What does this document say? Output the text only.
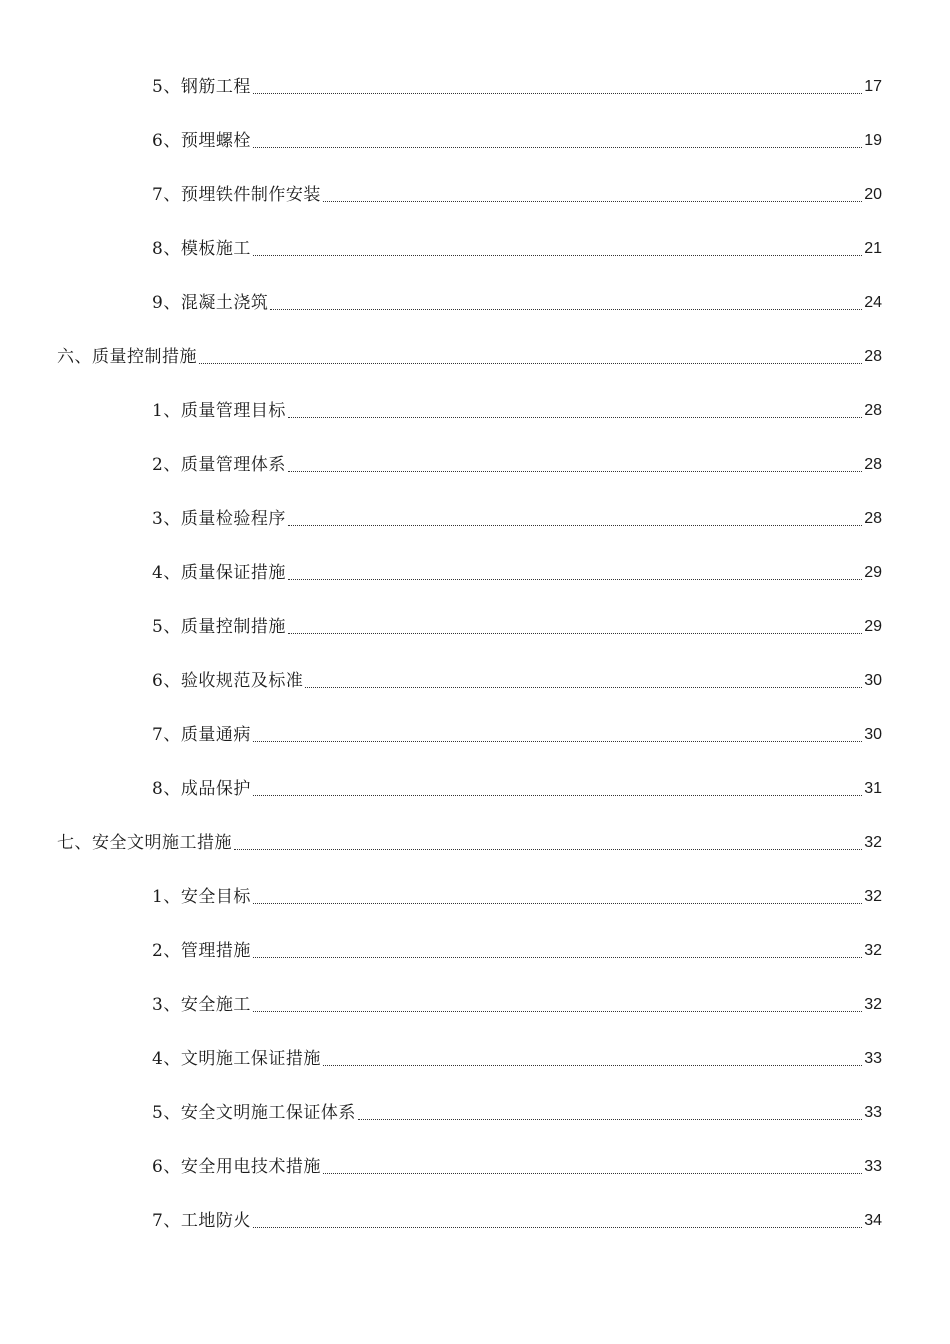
5、钢筋工程	17
6、预埋螺栓	19
7、预埋铁件制作安装	20
8、模板施工	21
9、混凝土浇筑	24
六、质量控制措施	28
1、质量管理目标	28
2、质量管理体系	28
3、质量检验程序	28
4、质量保证措施	29
5、质量控制措施	29
6、验收规范及标准	30
7、质量通病	30
8、成品保护	31
七、安全文明施工措施	32
1、安全目标	32
2、管理措施	32
3、安全施工	32
4、文明施工保证措施	33
5、安全文明施工保证体系	33
6、安全用电技术措施	33
7、工地防火	34
